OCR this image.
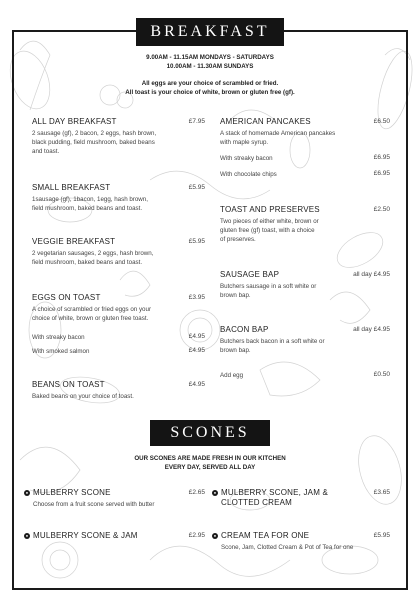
BREAKFAST
9.00AM - 11.15AM MONDAYS - SATURDAYS
10.00AM - 11.30AM SUNDAYS
All eggs are your choice of scrambled or fried.
All toast is your choice of white, brown or gluten free (gf).
ALL DAY BREAKFAST
2 sausage (gf), 2 bacon, 2 eggs, hash brown,
black pudding, field mushroom, baked beans
and toast.
£7.95
SMALL BREAKFAST
1sausage (gf), 1bacon, 1egg, hash brown,
field mushroom, baked beans and toast.
£5.95
VEGGIE BREAKFAST
2 vegetarian sausages, 2 eggs, hash brown,
field mushroom, baked beans and toast.
£5.95
EGGS ON TOAST
A choice of scrambled or fried eggs on your
choice of white, brown or gluten free toast.
£3.95
With streaky bacon	£4.95
With smoked salmon	£4.95
BEANS ON TOAST
Baked beans on your choice of toast.
£4.95
AMERICAN PANCAKES
A stack of homemade American pancakes
with maple syrup.
£6.50
With streaky bacon	£6.95
With chocolate chips	£6.95
TOAST AND PRESERVES
Two pieces of either white, brown or
gluten free (gf) toast, with a choice
of preserves.
£2.50
SAUSAGE BAP
Butchers sausage in a soft white or
brown bap.
all day £4.95
BACON BAP
Butchers back bacon in a soft white or
brown bap.
all day £4.95
Add egg	£0.50
SCONES
OUR SCONES ARE MADE FRESH IN OUR KITCHEN
EVERY DAY, SERVED ALL DAY
● MULBERRY SCONE
Choose from a fruit scone served with butter
£2.65
● MULBERRY SCONE & JAM	£2.95
● MULBERRY SCONE, JAM &
CLOTTED CREAM
£3.65
● CREAM TEA FOR ONE
Scone, Jam, Clotted Cream & Pot of Tea for one
£5.95
